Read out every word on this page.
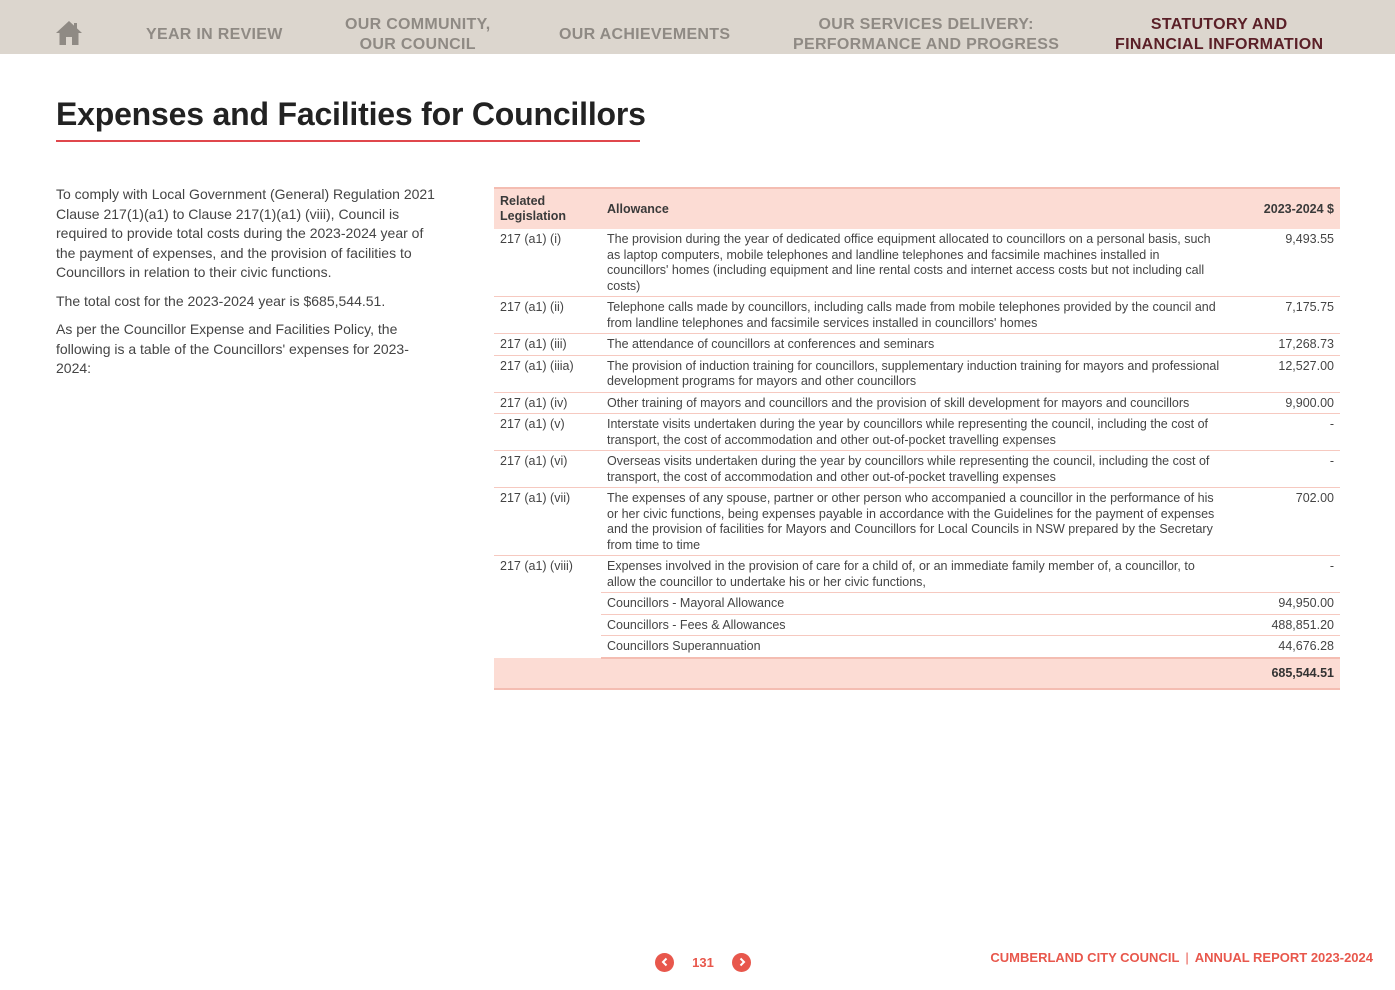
YEAR IN REVIEW
OUR COMMUNITY,
OUR COUNCIL
OUR ACHIEVEMENTS
OUR SERVICES DELIVERY:
PERFORMANCE AND PROGRESS
STATUTORY AND
FINANCIAL INFORMATION
Expenses and Facilities for Councillors

To comply with Local Government (General) Regulation 2021 Clause 217(1)(a1) to Clause 217(1)(a1) (viii), Council is required to provide total costs during the 2023-2024 year of the payment of expenses, and the provision of facilities to Councillors in relation to their civic functions.

The total cost for the 2023-2024 year is $685,544.51.

As per the Councillor Expense and Facilities Policy, the following is a table of the Councillors' expenses for 2023-2024:

Related Legislation	Allowance	2023-2024 $
217 (a1) (i)	The provision during the year of dedicated office equipment allocated to councillors on a personal basis, such as laptop computers, mobile telephones and landline telephones and facsimile machines installed in councillors' homes (including equipment and line rental costs and internet access costs but not including call costs)	9,493.55
217 (a1) (ii)	Telephone calls made by councillors, including calls made from mobile telephones provided by the council and from landline telephones and facsimile services installed in councillors' homes	7,175.75
217 (a1) (iii)	The attendance of councillors at conferences and seminars	17,268.73
217 (a1) (iiia)	The provision of induction training for councillors, supplementary induction training for mayors and professional development programs for mayors and other councillors	12,527.00
217 (a1) (iv)	Other training of mayors and councillors and the provision of skill development for mayors and councillors	9,900.00
217 (a1) (v)	Interstate visits undertaken during the year by councillors while representing the council, including the cost of transport, the cost of accommodation and other out-of-pocket travelling expenses	-
217 (a1) (vi)	Overseas visits undertaken during the year by councillors while representing the council, including the cost of transport, the cost of accommodation and other out-of-pocket travelling expenses	-
217 (a1) (vii)	The expenses of any spouse, partner or other person who accompanied a councillor in the performance of his or her civic functions, being expenses payable in accordance with the Guidelines for the payment of expenses and the provision of facilities for Mayors and Councillors for Local Councils in NSW prepared by the Secretary from time to time	702.00
217 (a1) (viii)	Expenses involved in the provision of care for a child of, or an immediate family member of, a councillor, to allow the councillor to undertake his or her civic functions,	-
	Councillors - Mayoral Allowance	94,950.00
	Councillors - Fees & Allowances	488,851.20
	Councillors Superannuation	44,676.28
		685,544.51
131	CUMBERLAND CITY COUNCIL | ANNUAL REPORT 2023-2024
